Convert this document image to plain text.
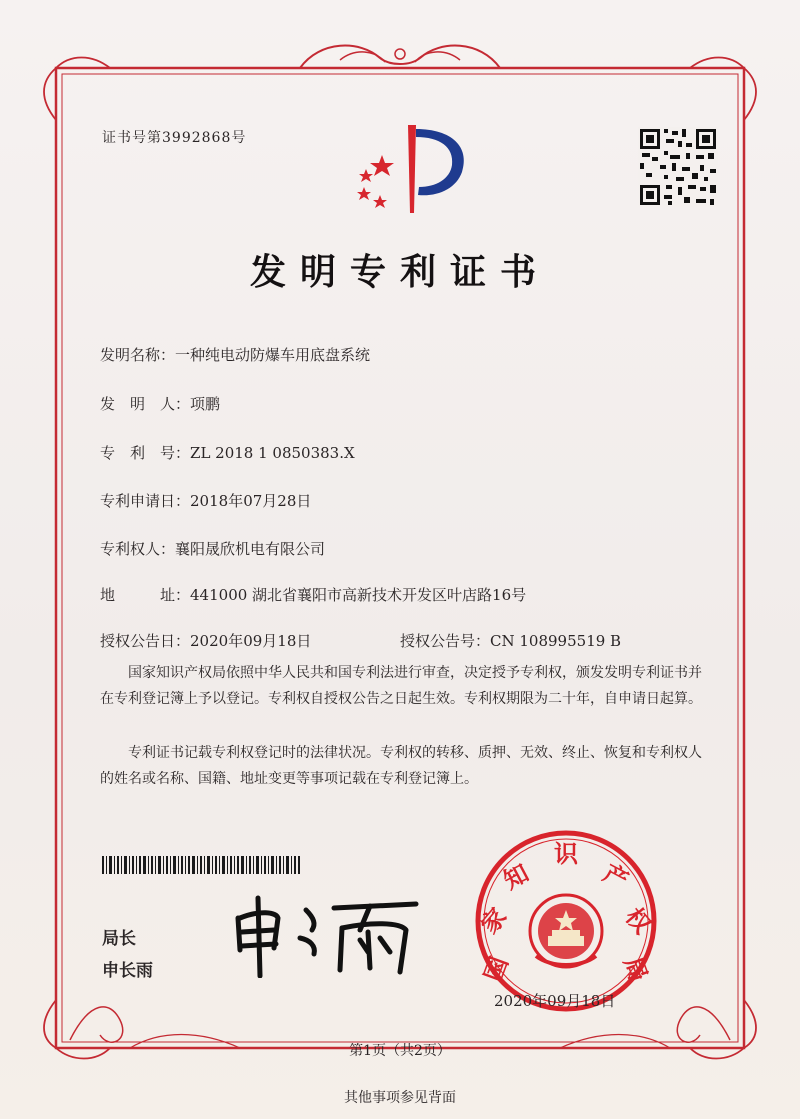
证书号第3992868号
发明专利证书
发明名称：一种纯电动防爆车用底盘系统
发　明　人：项鹏
专　利　号：ZL 2018 1 0850383.X
专利申请日：2018年07月28日
专利权人：襄阳晟欣机电有限公司
地　　　址：441000 湖北省襄阳市高新技术开发区叶店路16号
授权公告日：2020年09月18日	授权公告号：CN 108995519 B
国家知识产权局依照中华人民共和国专利法进行审查，决定授予专利权，颁发发明专利证书并在专利登记簿上予以登记。专利权自授权公告之日起生效。专利权期限为二十年，自申请日起算。
专利证书记载专利权登记时的法律状况。专利权的转移、质押、无效、终止、恢复和专利权人的姓名或名称、国籍、地址变更等事项记载在专利登记簿上。
局长
申长雨	国
家
知
识
产
权
局
2020年09月18日
第1页（共2页）
其他事项参见背面
